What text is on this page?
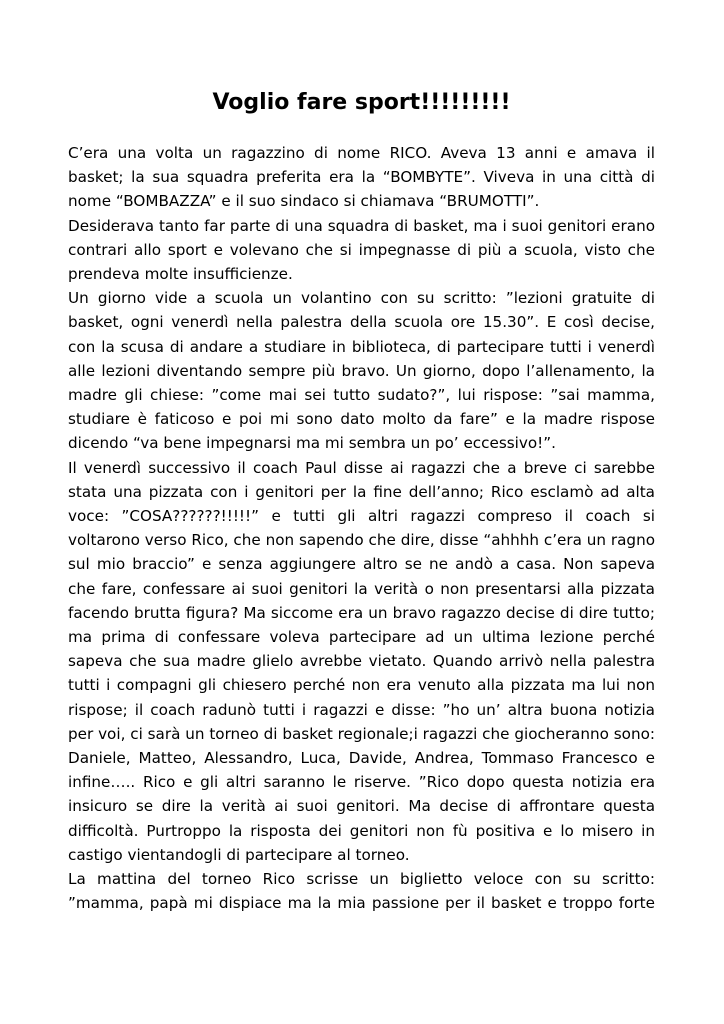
Voglio fare sport!!!!!!!!!

C’era una volta un ragazzino di nome RICO. Aveva 13 anni e amava il basket; la sua squadra preferita era la “BOMBYTE”. Viveva in una città di nome “BOMBAZZA” e il suo sindaco si chiamava “BRUMOTTI”.

Desiderava tanto far parte di una squadra di basket, ma i suoi genitori erano contrari allo sport e volevano che si impegnasse di più a scuola, visto che prendeva molte insufficienze.

Un giorno vide a scuola un volantino con su scritto: ”lezioni gratuite di basket, ogni venerdì nella palestra della scuola ore 15.30”. E così decise, con la scusa di andare a studiare in biblioteca, di partecipare tutti i venerdì alle lezioni diventando sempre più bravo. Un giorno, dopo l’allenamento, la madre gli chiese: ”come mai sei tutto sudato?”, lui rispose: ”sai mamma, studiare è faticoso e poi mi sono dato molto da fare” e la madre rispose dicendo “va bene impegnarsi ma mi sembra un po’ eccessivo!”.

Il venerdì successivo il coach Paul disse ai ragazzi che a breve ci sarebbe stata una pizzata con i genitori per la fine dell’anno; Rico esclamò ad alta voce: ”COSA??????!!!!!” e tutti gli altri ragazzi compreso il coach si voltarono verso Rico, che non sapendo che dire, disse “ahhhh c’era un ragno sul mio braccio” e senza aggiungere altro se ne andò a casa. Non sapeva che fare, confessare ai suoi genitori la verità o non presentarsi alla pizzata facendo brutta figura? Ma siccome era un bravo ragazzo decise di dire tutto; ma prima di confessare voleva partecipare ad un ultima lezione perché sapeva che sua madre glielo avrebbe vietato. Quando arrivò nella palestra tutti i compagni gli chiesero perché non era venuto alla pizzata ma lui non rispose; il coach radunò tutti i ragazzi e disse: ”ho un’ altra buona notizia per voi, ci sarà un torneo di basket regionale;i ragazzi che giocheranno sono: Daniele, Matteo, Alessandro, Luca, Davide, Andrea, Tommaso Francesco e infine….. Rico e gli altri saranno le riserve. ”Rico dopo questa notizia era insicuro se dire la verità ai suoi genitori. Ma decise di affrontare questa difficoltà. Purtroppo la risposta dei genitori non fù positiva e lo misero in castigo vientandogli di partecipare al torneo.

La mattina del torneo Rico scrisse un biglietto veloce con su scritto: ”mamma, papà mi dispiace ma la mia passione per il basket e troppo forte
